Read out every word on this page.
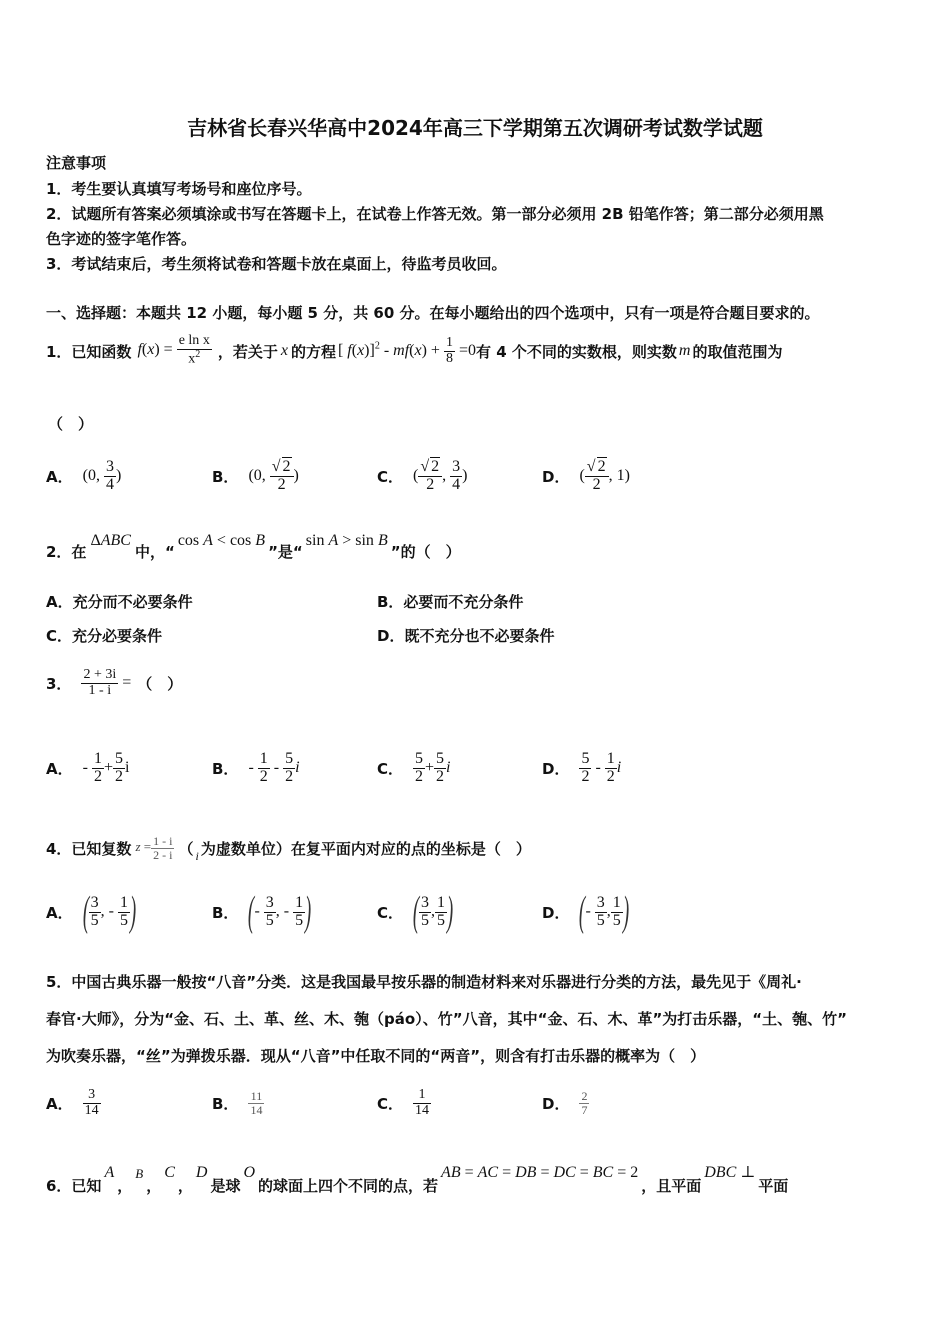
吉林省长春兴华高中2024年高三下学期第五次调研考试数学试题
注意事项
1．考生要认真填写考场号和座位序号。
2．试题所有答案必须填涂或书写在答题卡上，在试卷上作答无效。第一部分必须用 2B 铅笔作答；第二部分必须用黑
色字迹的签字笔作答。
3．考试结束后，考生须将试卷和答题卡放在桌面上，待监考员收回。
一、选择题：本题共 12 小题，每小题 5 分，共 60 分。在每小题给出的四个选项中，只有一项是符合题目要求的。
1．已知函数 $f(x) = \frac{\text{e ln x}}{x^2}$ ，若关于 x 的方程 [ $f(x)]^2 - mf(x) + \frac{1}{8} =0$ 有 4 个不同的实数根，则实数 m 的取值范围为
（　）
A． (0, $\frac{3}{4}$ )	B． (0, $\frac{√ 2}{2}$ )	C． ( $\frac{√ 2}{2}$ , $\frac{3}{4}$ )	D． ( $\frac{√ 2}{2}$ , 1)
2．在
ΔABC
中，“
cos A < cos B
”是“
sin A > sin B
”的（　）
A．充分而不必要条件	B．必要而不充分条件
C．充分必要条件	D．既不充分也不必要条件
3． $\frac{2 + 3i}{1 - i}$ = （　）
A． - $\frac{1}{2} + \frac{5}{2}$ i	B． - $\frac{1}{2} - \frac{5}{2}$ i	C． $\frac{5}{2} + \frac{5}{2}$ i	D． $\frac{5}{2} - \frac{1}{2}$ i
4．已知复数 $z = \frac{1 - i}{2 - i}$ （ i 为虚数单位）在复平面内对应的点的坐标是（　）
A． ( $\frac{3}{5}$ , - $\frac{1}{5}$ )	B． (- $\frac{3}{5}$ , - $\frac{1}{5}$ )	C． ( $\frac{3}{5}$ , $\frac{1}{5}$ )	D． (- $\frac{3}{5}$ , $\frac{1}{5}$ )
5．中国古典乐器一般按“八音”分类．这是我国最早按乐器的制造材料来对乐器进行分类的方法，最先见于《周礼·
春官·大师》，分为“金、石、土、革、丝、木、匏（páo）、竹”八音，其中“金、石、木、革”为打击乐器，“土、匏、竹”
为吹奏乐器，“丝”为弹拨乐器．现从“八音”中任取不同的“两音”，则含有打击乐器的概率为（　）
A． $\frac{3}{14}$	B． $\frac{11}{14}$	C． $\frac{1}{14}$	D． $\frac{2}{7}$
6．已知
A
，
B
，
C
，
D
是球
O
的球面上四个不同的点，若
AB = AC = DB = DC = BC = 2
，且平面
DBC ⊥
平面
